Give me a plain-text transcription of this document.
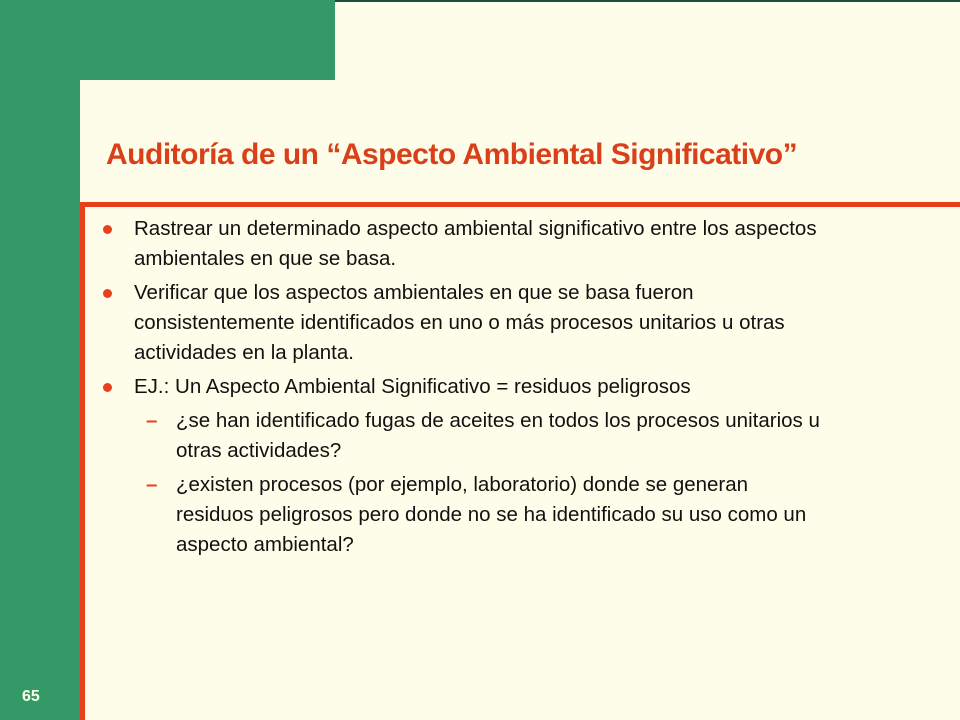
Auditoría de un “Aspecto Ambiental Significativo”
Rastrear un determinado aspecto ambiental significativo entre los aspectos ambientales en que se basa.
Verificar que los aspectos ambientales en que se basa fueron consistentemente identificados en uno o más procesos unitarios u otras actividades en la planta.
EJ.: Un Aspecto Ambiental Significativo = residuos peligrosos
– ¿se han identificado fugas de aceites en todos los procesos unitarios u otras actividades?
– ¿existen procesos (por ejemplo, laboratorio) donde se generan residuos peligrosos pero donde no se ha identificado su uso como un aspecto ambiental?
65
